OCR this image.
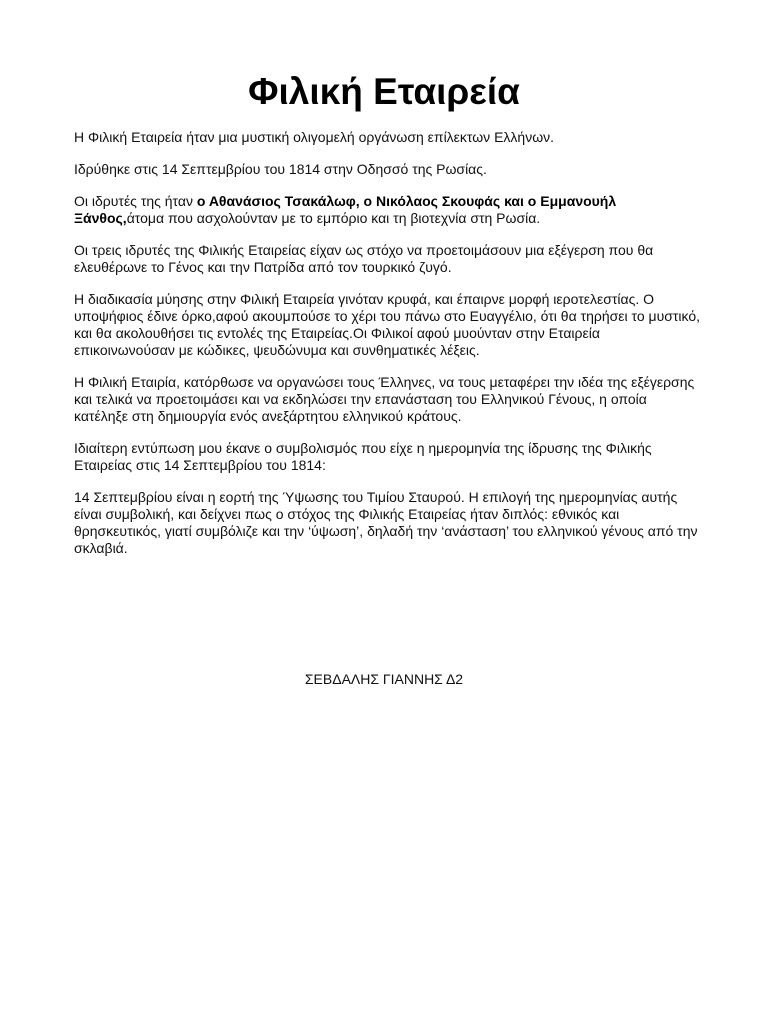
Φιλική Εταιρεία

Η Φιλική Εταιρεία ήταν μια μυστική ολιγομελή οργάνωση επίλεκτων Ελλήνων.

Ιδρύθηκε στις 14 Σεπτεμβρίου του 1814 στην Οδησσό της Ρωσίας.

Οι ιδρυτές της ήταν ο Αθανάσιος Τσακάλωφ, ο Νικόλαος Σκουφάς και ο Εμμανουήλ Ξάνθος,άτομα που ασχολούνταν με το εμπόριο και τη βιοτεχνία στη Ρωσία.

Οι τρεις ιδρυτές της Φιλικής Εταιρείας είχαν ως στόχο να προετοιμάσουν μια εξέγερση που θα ελευθέρωνε το Γένος και την Πατρίδα από τον τουρκικό ζυγό.

Η διαδικασία μύησης στην Φιλική Εταιρεία γινόταν κρυφά, και έπαιρνε μορφή ιεροτελεστίας. Ο υποψήφιος έδινε όρκο,αφού ακουμπούσε το χέρι του πάνω στο Ευαγγέλιο, ότι θα τηρήσει το μυστικό, και θα ακολουθήσει τις εντολές της Εταιρείας.Οι Φιλικοί αφού μυούνταν στην Εταιρεία επικοινωνούσαν με κώδικες, ψευδώνυμα και συνθηματικές λέξεις.

Η Φιλική Εταιρία, κατόρθωσε να οργανώσει τους Έλληνες, να τους μεταφέρει την ιδέα της εξέγερσης και τελικά να προετοιμάσει και να εκδηλώσει την επανάσταση του Ελληνικού Γένους, η οποία κατέληξε στη δημιουργία ενός ανεξάρτητου ελληνικού κράτους.

Ιδιαίτερη εντύπωση μου έκανε ο συμβολισμός που είχε η ημερομηνία της ίδρυσης της Φιλικής Εταιρείας στις 14 Σεπτεμβρίου του 1814:

14 Σεπτεμβρίου είναι η εορτή της Ύψωσης του Τιμίου Σταυρού. Η επιλογή της ημερομηνίας αυτής είναι συμβολική, και δείχνει πως ο στόχος της Φιλικής Εταιρείας ήταν διπλός: εθνικός και θρησκευτικός, γιατί συμβόλιζε και την ‘ύψωση’, δηλαδή την ‘ανάσταση’ του ελληνικού γένους από την σκλαβιά.

ΣΕΒΔΑΛΗΣ ΓΙΑΝΝΗΣ Δ2
